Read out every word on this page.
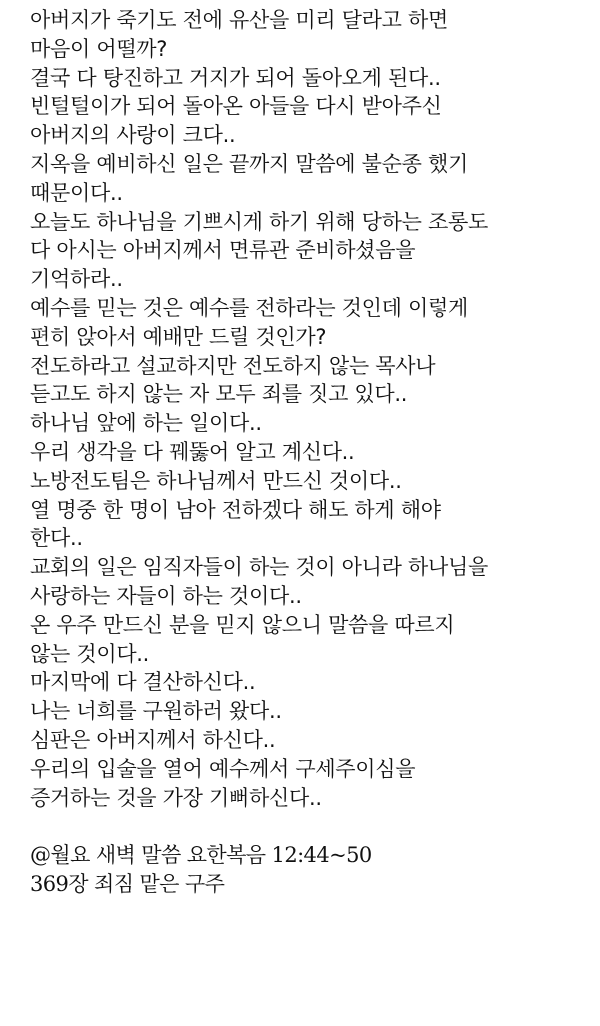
아버지가 죽기도 전에 유산을 미리 달라고 하면
마음이 어떨까?
결국 다 탕진하고 거지가 되어 돌아오게 된다..
빈털털이가 되어 돌아온 아들을 다시 받아주신
아버지의 사랑이 크다..
지옥을 예비하신 일은 끝까지 말씀에 불순종 했기
때문이다..
오늘도 하나님을 기쁘시게 하기 위해 당하는 조롱도
다 아시는 아버지께서 면류관 준비하셨음을
기억하라..
예수를 믿는 것은 예수를 전하라는 것인데 이렇게
편히 앉아서 예배만 드릴 것인가?
전도하라고 설교하지만 전도하지 않는 목사나
듣고도 하지 않는 자 모두 죄를 짓고 있다..
하나님 앞에 하는 일이다..
우리 생각을 다 꿰뚫어 알고 계신다..
노방전도팀은 하나님께서 만드신 것이다..
열 명중 한 명이 남아 전하겠다 해도 하게 해야
한다..
교회의 일은 임직자들이 하는 것이 아니라 하나님을
사랑하는 자들이 하는 것이다..
온 우주 만드신 분을 믿지 않으니 말씀을 따르지
않는 것이다..
마지막에 다 결산하신다..
나는 너희를 구원하러 왔다..
심판은 아버지께서 하신다..
우리의 입술을 열어 예수께서 구세주이심을
증거하는 것을 가장 기뻐하신다..
@월요 새벽 말씀 요한복음 12:44~50
369장 죄짐 맡은 구주
